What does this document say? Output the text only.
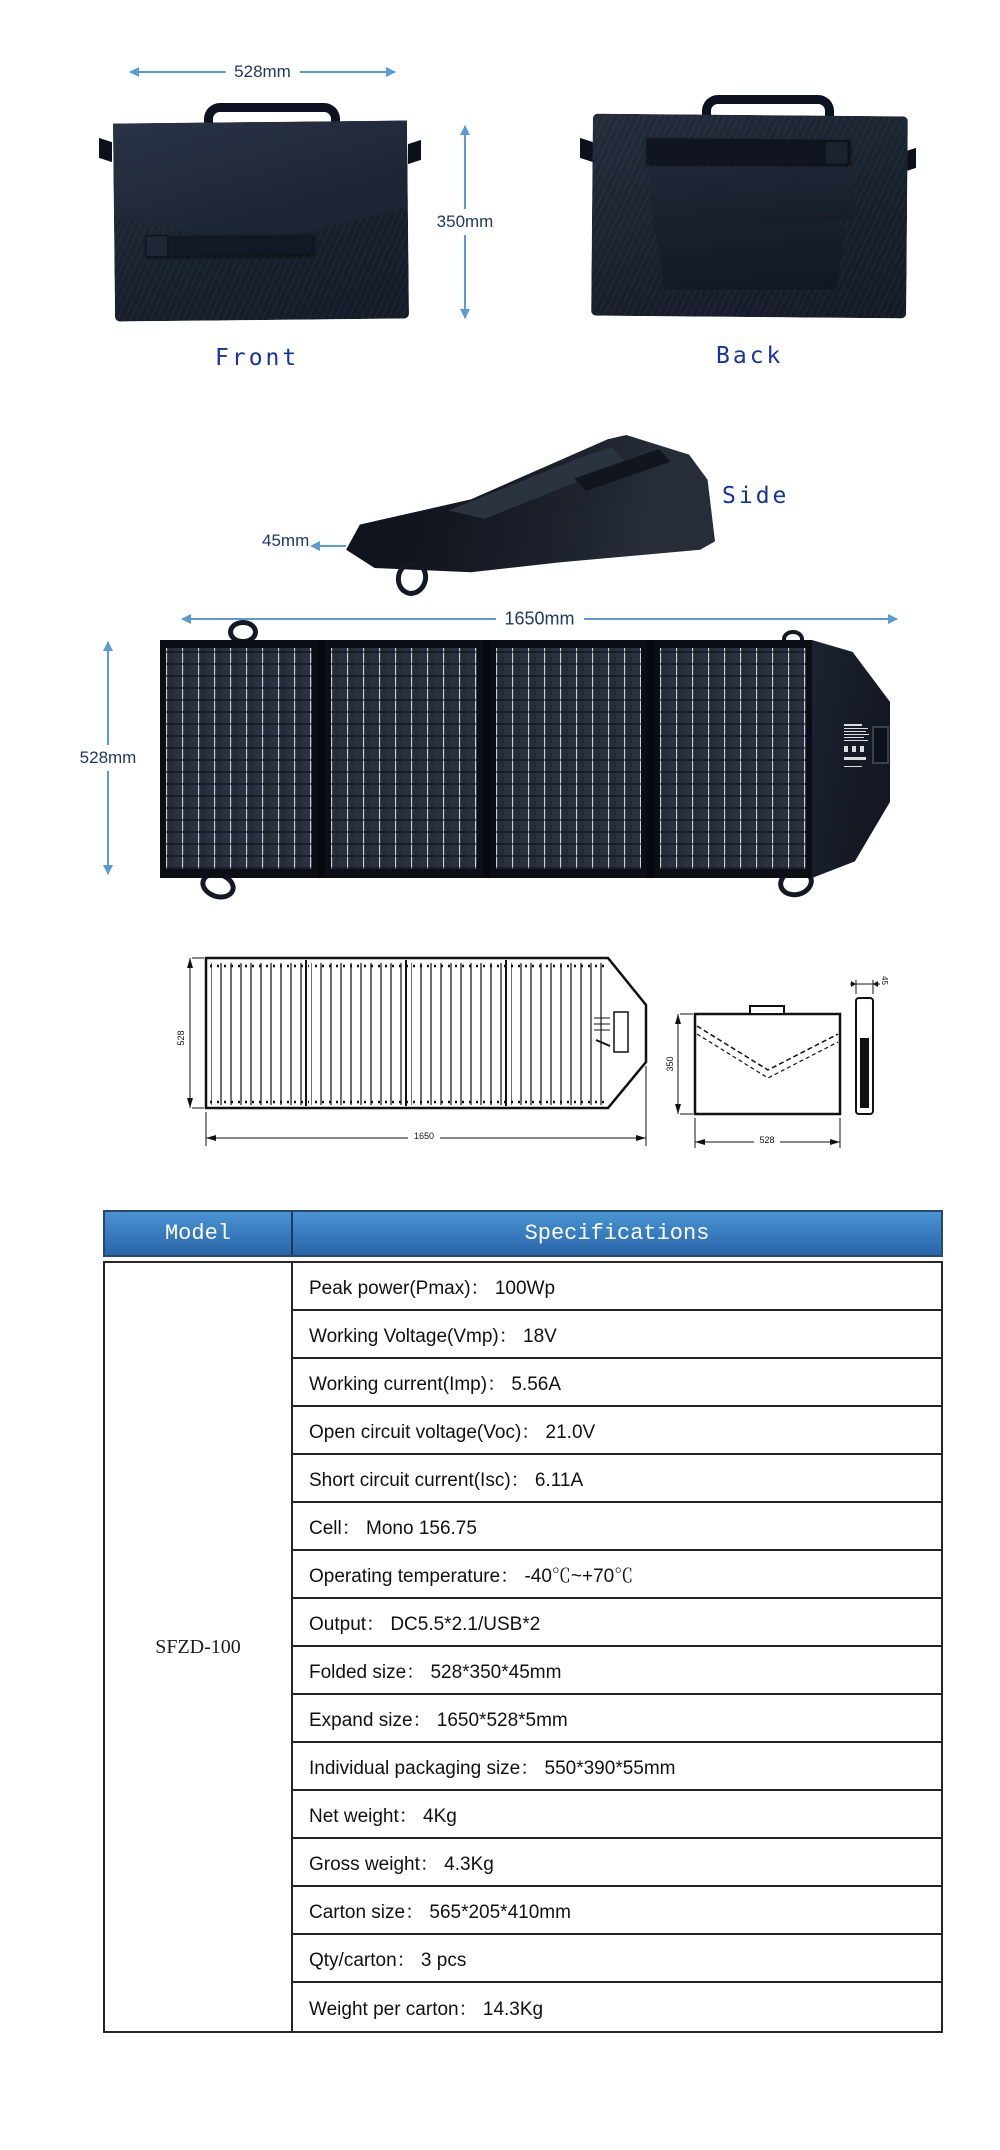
528mm
350mm
Front	Back
45mm
Side
1650mm
528mm
528
1650
350
528
45
Model	Specifications
SFZD-100
Peak power(Pmax)： 100Wp
Working Voltage(Vmp)： 18V
Working current(Imp)： 5.56A
Open circuit voltage(Voc)： 21.0V
Short circuit current(Isc)： 6.11A
Cell： Mono 156.75
Operating temperature： -40℃~+70℃
Output： DC5.5*2.1/USB*2
Folded size： 528*350*45mm
Expand size： 1650*528*5mm
Individual packaging size： 550*390*55mm
Net weight： 4Kg
Gross weight： 4.3Kg
Carton size： 565*205*410mm
Qty/carton： 3 pcs
Weight per carton： 14.3Kg
